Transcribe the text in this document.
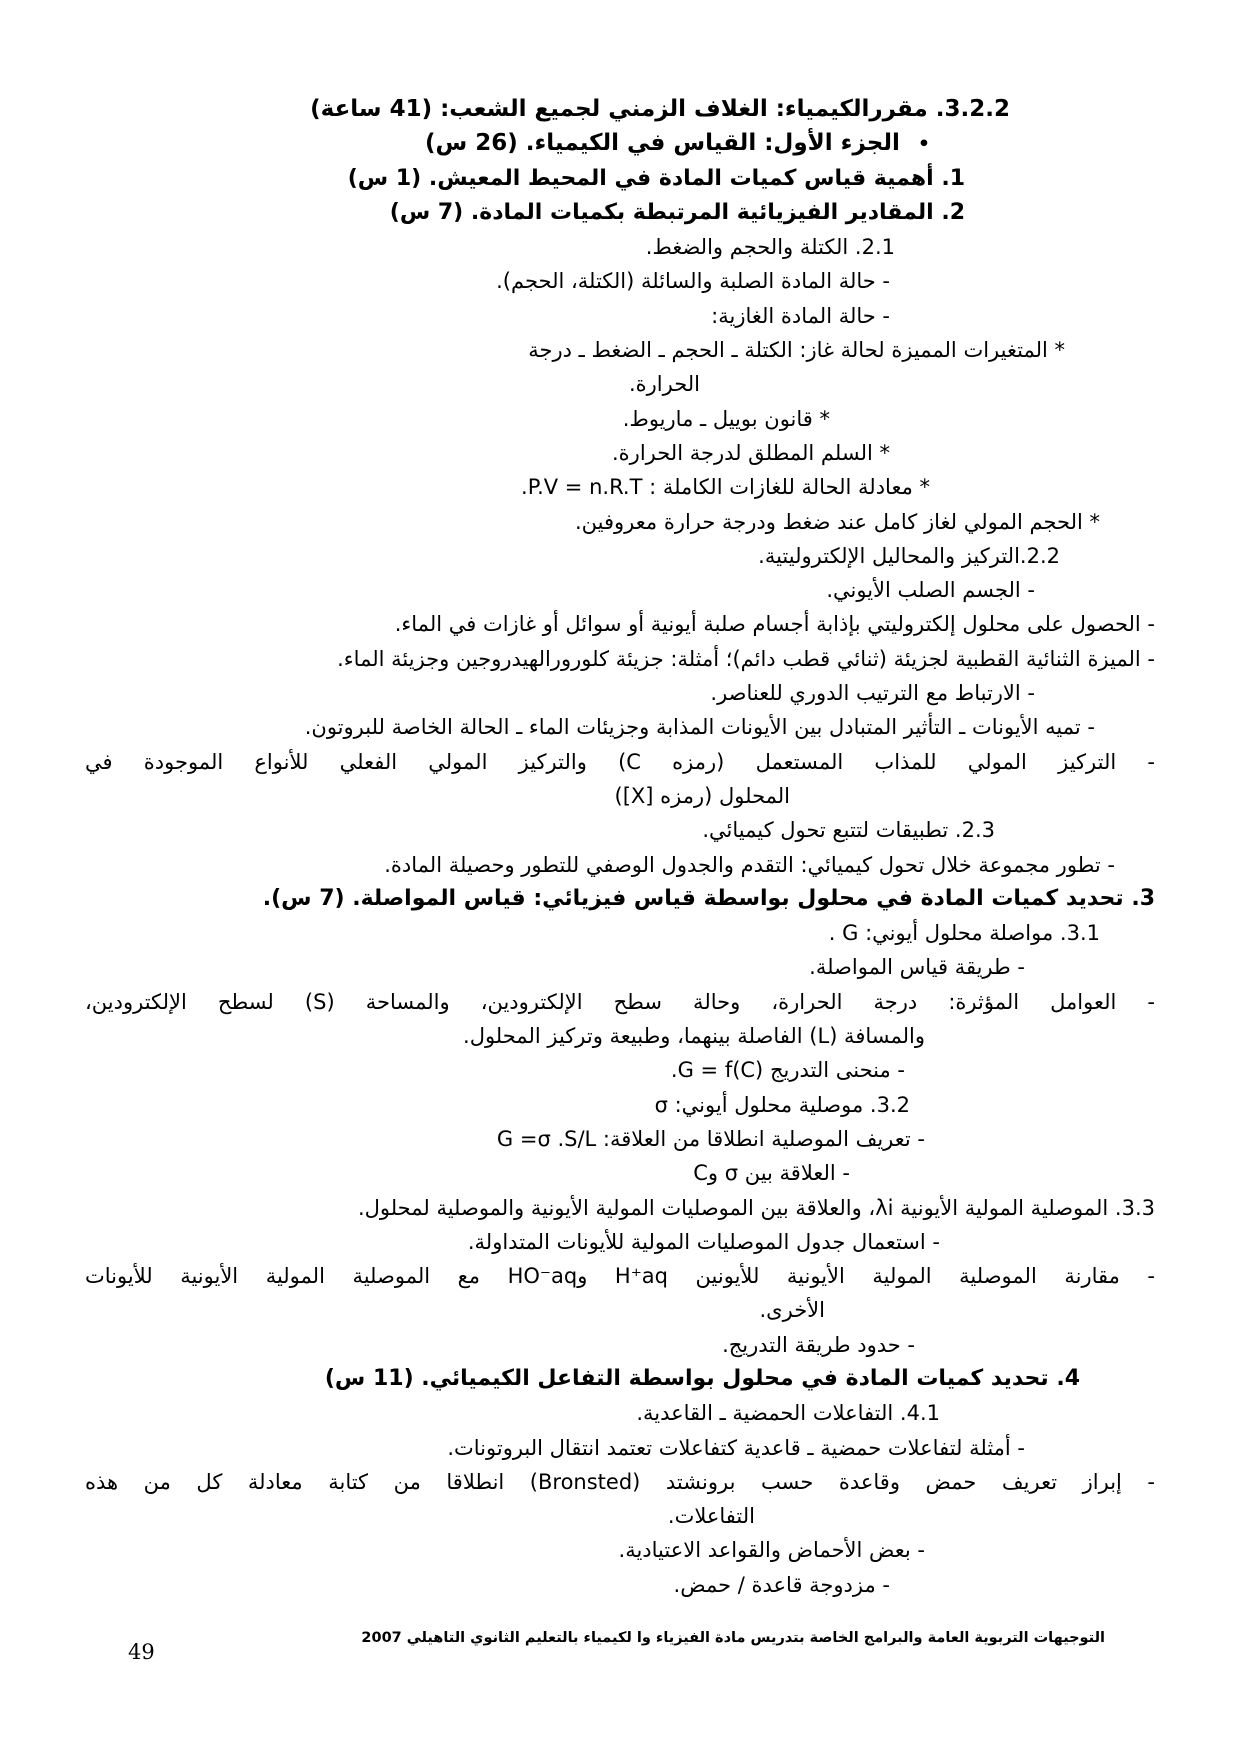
3.2.2. مقررالكيمياء: الغلاف الزمني لجميع الشعب: (41 ساعة)
•الجزء الأول: القياس في الكيمياء. (26 س)
1. أهمية قياس كميات المادة في المحيط المعيش. (1 س)
2. المقادير الفيزيائية المرتبطة بكميات المادة. (7 س)
2.1. الكتلة والحجم والضغط.
- حالة المادة الصلبة والسائلة (الكتلة، الحجم).
- حالة المادة الغازية:
* المتغيرات المميزة لحالة غاز: الكتلة ـ الحجم ـ الضغط ـ درجة
الحرارة.
* قانون بوييل ـ ماريوط.
* السلم المطلق لدرجة الحرارة.
* معادلة الحالة للغازات الكاملة : P.V = n.R.T.
* الحجم المولي لغاز كامل عند ضغط ودرجة حرارة معروفين.
2.2.التركيز والمحاليل الإلكتروليتية.
- الجسم الصلب الأيوني.
- الحصول على محلول إلكتروليتي بإذابة أجسام صلبة أيونية أو سوائل أو غازات في الماء.
- الميزة الثنائية القطبية لجزيئة (ثنائي قطب دائم)؛ أمثلة: جزيئة كلورورالهيدروجين وجزيئة الماء.
- الارتباط مع الترتيب الدوري للعناصر.
- تميه الأيونات ـ التأثير المتبادل بين الأيونات المذابة وجزيئات الماء ـ الحالة الخاصة للبروتون.
- التركيز المولي للمذاب المستعمل (رمزه C) والتركيز المولي الفعلي للأنواع الموجودة في
المحلول (رمزه [X])
2.3. تطبيقات لتتبع تحول كيميائي.
- تطور مجموعة خلال تحول كيميائي: التقدم والجدول الوصفي للتطور وحصيلة المادة.
3. تحديد كميات المادة في محلول بواسطة قياس فيزيائي: قياس المواصلة. (7 س).
3.1. مواصلة محلول أيوني: G .
- طريقة قياس المواصلة.
- العوامل المؤثرة: درجة الحرارة، وحالة سطح الإلكترودين، والمساحة (S) لسطح الإلكترودين،
والمسافة (L) الفاصلة بينهما، وطبيعة وتركيز المحلول.
- منحنى التدريج G = f(C).
3.2. موصلية محلول أيوني: σ
- تعريف الموصلية انطلاقا من العلاقة: G =σ .S/L
- العلاقة بين σ وC
3.3. الموصلية المولية الأيونية λi، والعلاقة بين الموصليات المولية الأيونية والموصلية لمحلول.
- استعمال جدول الموصليات المولية للأيونات المتداولة.
- مقارنة الموصلية المولية الأيونية للأيونين H⁺aq وHO⁻aq مع الموصلية المولية الأيونية للأيونات
الأخرى.
- حدود طريقة التدريج.
4. تحديد كميات المادة في محلول بواسطة التفاعل الكيميائي. (11 س)
4.1. التفاعلات الحمضية ـ القاعدية.
- أمثلة لتفاعلات حمضية ـ قاعدية كتفاعلات تعتمد انتقال البروتونات.
- إبراز تعريف حمض وقاعدة حسب برونشتد (Bronsted) انطلاقا من كتابة معادلة كل من هذه
التفاعلات.
- بعض الأحماض والقواعد الاعتيادية.
- مزدوجة قاعدة / حمض.
التوجيهات التربوية العامة والبرامج الخاصة بتدريس مادة الفيزياء وا لكيمياء بالتعليم الثانوي التاهيلي 2007
49
